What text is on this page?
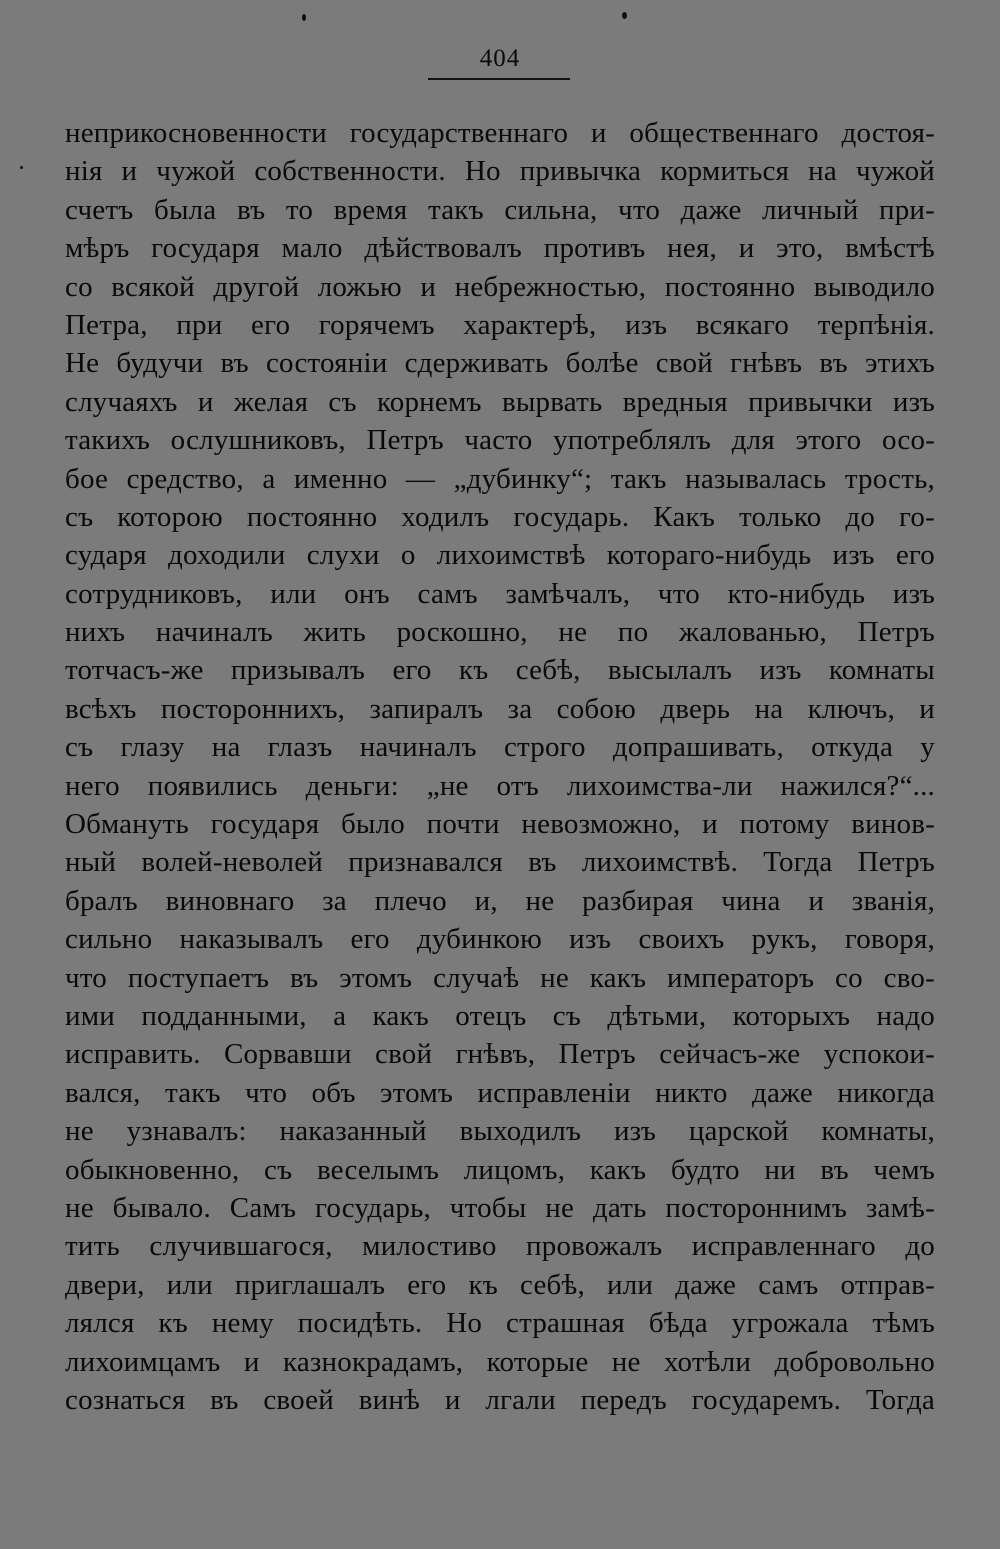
404
неприкосновенности государственнаго и общественнаго достоя-
нія и чужой собственности. Но привычка кормиться на чужой
счетъ была въ то время такъ сильна, что даже личный при-
мѣръ государя мало дѣйствовалъ противъ нея, и это, вмѣстѣ
со всякой другой ложью и небрежностью, постоянно выводило
Петра, при его горячемъ характерѣ, изъ всякаго терпѣнія.
Не будучи въ состояніи сдерживать болѣе свой гнѣвъ въ этихъ
случаяхъ и желая съ корнемъ вырвать вредныя привычки изъ
такихъ ослушниковъ, Петръ часто употреблялъ для этого осо-
бое средство, а именно — „дубинку“; такъ называлась трость,
съ которою постоянно ходилъ государь. Какъ только до го-
сударя доходили слухи о лихоимствѣ котораго-нибудь изъ его
сотрудниковъ, или онъ самъ замѣчалъ, что кто-нибудь изъ
нихъ начиналъ жить роскошно, не по жалованью, Петръ
тотчасъ-же призывалъ его къ себѣ, высылалъ изъ комнаты
всѣхъ постороннихъ, запиралъ за собою дверь на ключъ, и
съ глазу на глазъ начиналъ строго допрашивать, откуда у
него появились деньги: „не отъ лихоимства-ли нажился?“...
Обмануть государя было почти невозможно, и потому винов-
ный волей-неволей признавался въ лихоимствѣ. Тогда Петръ
бралъ виновнаго за плечо и, не разбирая чина и званія,
сильно наказывалъ его дубинкою изъ своихъ рукъ, говоря,
что поступаетъ въ этомъ случаѣ не какъ императоръ со сво-
ими подданными, а какъ отецъ съ дѣтьми, которыхъ надо
исправить. Сорвавши свой гнѣвъ, Петръ сейчасъ-же успокои-
вался, такъ что объ этомъ исправленіи никто даже никогда
не узнавалъ: наказанный выходилъ изъ царской комнаты,
обыкновенно, съ веселымъ лицомъ, какъ будто ни въ чемъ
не бывало. Самъ государь, чтобы не дать постороннимъ замѣ-
тить случившагося, милостиво провожалъ исправленнаго до
двери, или приглашалъ его къ себѣ, или даже самъ отправ-
лялся къ нему посидѣть. Но страшная бѣда угрожала тѣмъ
лихоимцамъ и казнокрадамъ, которые не хотѣли добровольно
сознаться въ своей винѣ и лгали передъ государемъ. Тогда
